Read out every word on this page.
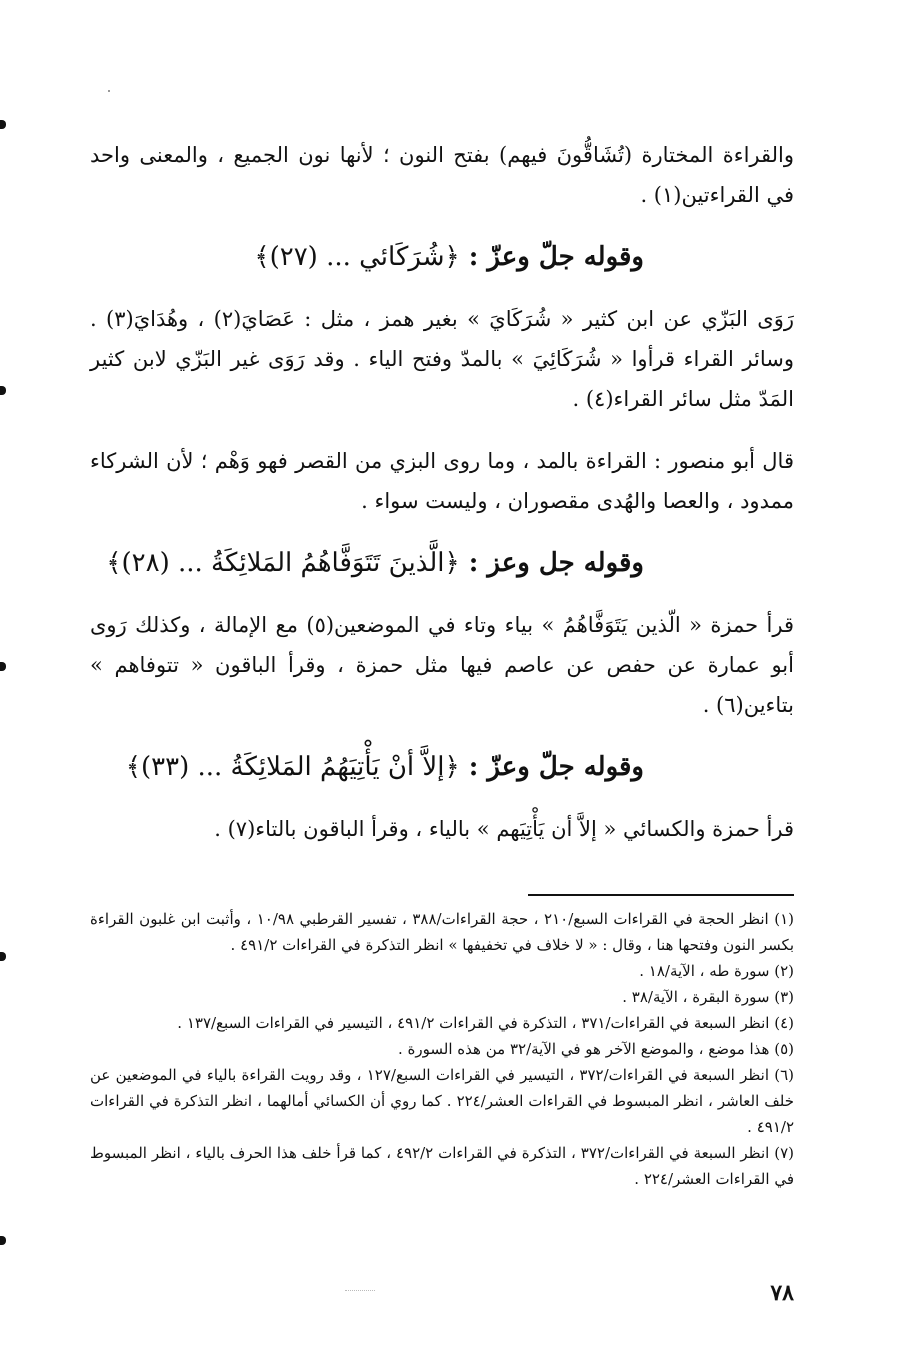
والقراءة المختارة (تُشَاقُّونَ فيهم) بفتح النون ؛ لأنها نون الجميع ، والمعنى واحد في القراءتين(١) .

وقوله جلّ وعزّ : ﴿شُرَكَائي ... (٢٧)﴾

رَوَى البَزّي عن ابن كثير « شُرَكَايَ » بغير همز ، مثل : عَصَايَ(٢) ، وهُدَايَ(٣) . وسائر القراء قرأوا « شُرَكَائِيَ » بالمدّ وفتح الياء . وقد رَوَى غير البَزّي لابن كثير المَدّ مثل سائر القراء(٤) .

قال أبو منصور : القراءة بالمد ، وما روى البزي من القصر فهو وَهْم ؛ لأن الشركاء ممدود ، والعصا والهُدى مقصوران ، وليست سواء .

وقوله جل وعز : ﴿الَّذينَ تَتَوَفَّاهُمُ المَلائِكَةُ ... (٢٨)﴾

قرأ حمزة « الّذين يَتَوَفَّاهُمُ » بياء وتاء في الموضعين(٥) مع الإمالة ، وكذلك رَوى أبو عمارة عن حفص عن عاصم فيها مثل حمزة ، وقرأ الباقون « تتوفاهم » بتاءين(٦) .

وقوله جلّ وعزّ : ﴿إلاَّ أنْ يَأْتِيَهُمُ المَلائِكَةُ ... (٣٣)﴾

قرأ حمزة والكسائي « إلاَّ أن يَأْتِيَهم » بالياء ، وقرأ الباقون بالتاء(٧) .

(١) انظر الحجة في القراءات السبع/٢١٠ ، حجة القراءات/٣٨٨ ، تفسير القرطبي ١٠/٩٨ ، وأثبت ابن غلبون القراءة بكسر النون وفتحها هنا ، وقال : « لا خلاف في تخفيفها » انظر التذكرة في القراءات ٤٩١/٢ .

(٢) سورة طه ، الآية/١٨ .

(٣) سورة البقرة ، الآية/٣٨ .

(٤) انظر السبعة في القراءات/٣٧١ ، التذكرة في القراءات ٤٩١/٢ ، التيسير في القراءات السبع/١٣٧ .

(٥) هذا موضع ، والموضع الآخر هو في الآية/٣٢ من هذه السورة .

(٦) انظر السبعة في القراءات/٣٧٢ ، التيسير في القراءات السبع/١٢٧ ، وقد رويت القراءة بالياء في الموضعين عن خلف العاشر ، انظر المبسوط في القراءات العشر/٢٢٤ . كما روي أن الكسائي أمالهما ، انظر التذكرة في القراءات ٤٩١/٢ .

(٧) انظر السبعة في القراءات/٣٧٢ ، التذكرة في القراءات ٤٩٢/٢ ، كما قرأ خلف هذا الحرف بالياء ، انظر المبسوط في القراءات العشر/٢٢٤ .

٧٨
